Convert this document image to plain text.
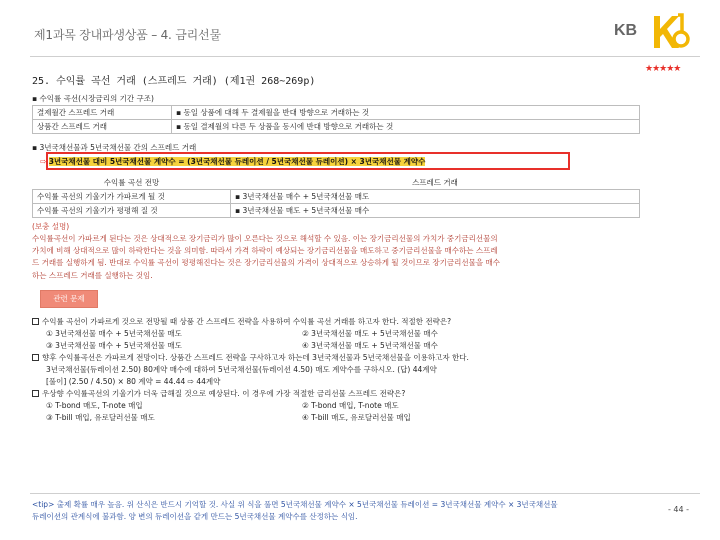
제1과목 장내파생상품 – 4. 금리선물	KB
★★★★★
25. 수익률 곡선 거래 (스프레드 거래) (제1권 268~269p)
▪ 수익률 곡선(시장금리의 기간 구조)
결제월간 스프레드 거래	▪ 동일 상품에 대해 두 결제월을 반대 방향으로 거래하는 것
상품간 스프레드 거래	▪ 동일 결제월의 다른 두 상품을 동시에 반대 방향으로 거래하는 것
▪ 3년국채선물과 5년국채선물 간의 스프레드 거래
⇨ 3년국채선물 대비 5년국채선물 계약수 = (3년국채선물 듀레이션 / 5년국채선물 듀레이션) × 3년국채선물 계약수
수익률 곡선 전망	스프레드 거래
수익률 곡선의 기울기가 가파르게 될 것	▪ 3년국채선물 매수 + 5년국채선물 매도
수익률 곡선의 기울기가 평평해 질 것	▪ 3년국채선물 매도 + 5년국채선물 매수
(보충 설명)
수익률곡선이 가파르게 된다는 것은 상대적으로 장기금리가 많이 오른다는 것으로 해석할 수 있음. 이는 장기금리선물의 가치가 중기금리선물의
가치에 비해 상대적으로 많이 하락한다는 것을 의미함. 따라서 가격 하락이 예상되는 장기금리선물을 매도하고 중기금리선물을 매수하는 스프레
드 거래를 실행하게 됨. 반대로 수익률 곡선이 평평해진다는 것은 장기금리선물의 가격이 상대적으로 상승하게 될 것이므로 장기금리선물을 매수
하는 스프레드 거래를 실행하는 것임.
관련 문제
수익률 곡선이 가파르게 것으로 전망될 때 상품 간 스프레드 전략을 사용하여 수익률 곡선 거래를 하고자 한다. 적절한 전략은?
① 3년국채선물 매수 + 5년국채선물 매도	② 3년국채선물 매도 + 5년국채선물 매수
③ 3년국채선물 매수 + 5년국채선물 매도	④ 3년국채선물 매도 + 5년국채선물 매수
향후 수익률곡선은 가파르게 전망이다. 상품간 스프레드 전략을 구사하고자 하는데 3년국채선물과 5년국채선물을 이용하고자 한다.
3년국채선물(듀레이션 2.50) 80계약 매수에 대하여 5년국채선물(듀레이션 4.50) 매도 계약수를 구하시오. (답) 44계약
[풀이] (2.50 / 4.50) × 80 계약 = 44.44 ⇨ 44계약
우상향 수익률곡선의 기울기가 더욱 급해질 것으로 예상된다. 이 경우에 가장 적절한 금리선물 스프레드 전략은?
① T-bond 매도, T-note 매입	② T-bond 매입, T-note 매도
③ T-bill 매입, 유로달러선물 매도	④ T-bill 매도, 유로달러선물 매입
<tip> 출제 확률 매우 높음. 위 산식은 반드시 기억할 것. 사실 위 식을 풀면 5년국채선물 계약수 × 5년국채선물 듀레이션 = 3년국채선물 계약수 × 3년국채선물
듀레이션의 관계식에 불과함. 양 변의 듀레이션을 같게 만드는 5년국채선물 계약수를 산정하는 식임.
- 44 -
